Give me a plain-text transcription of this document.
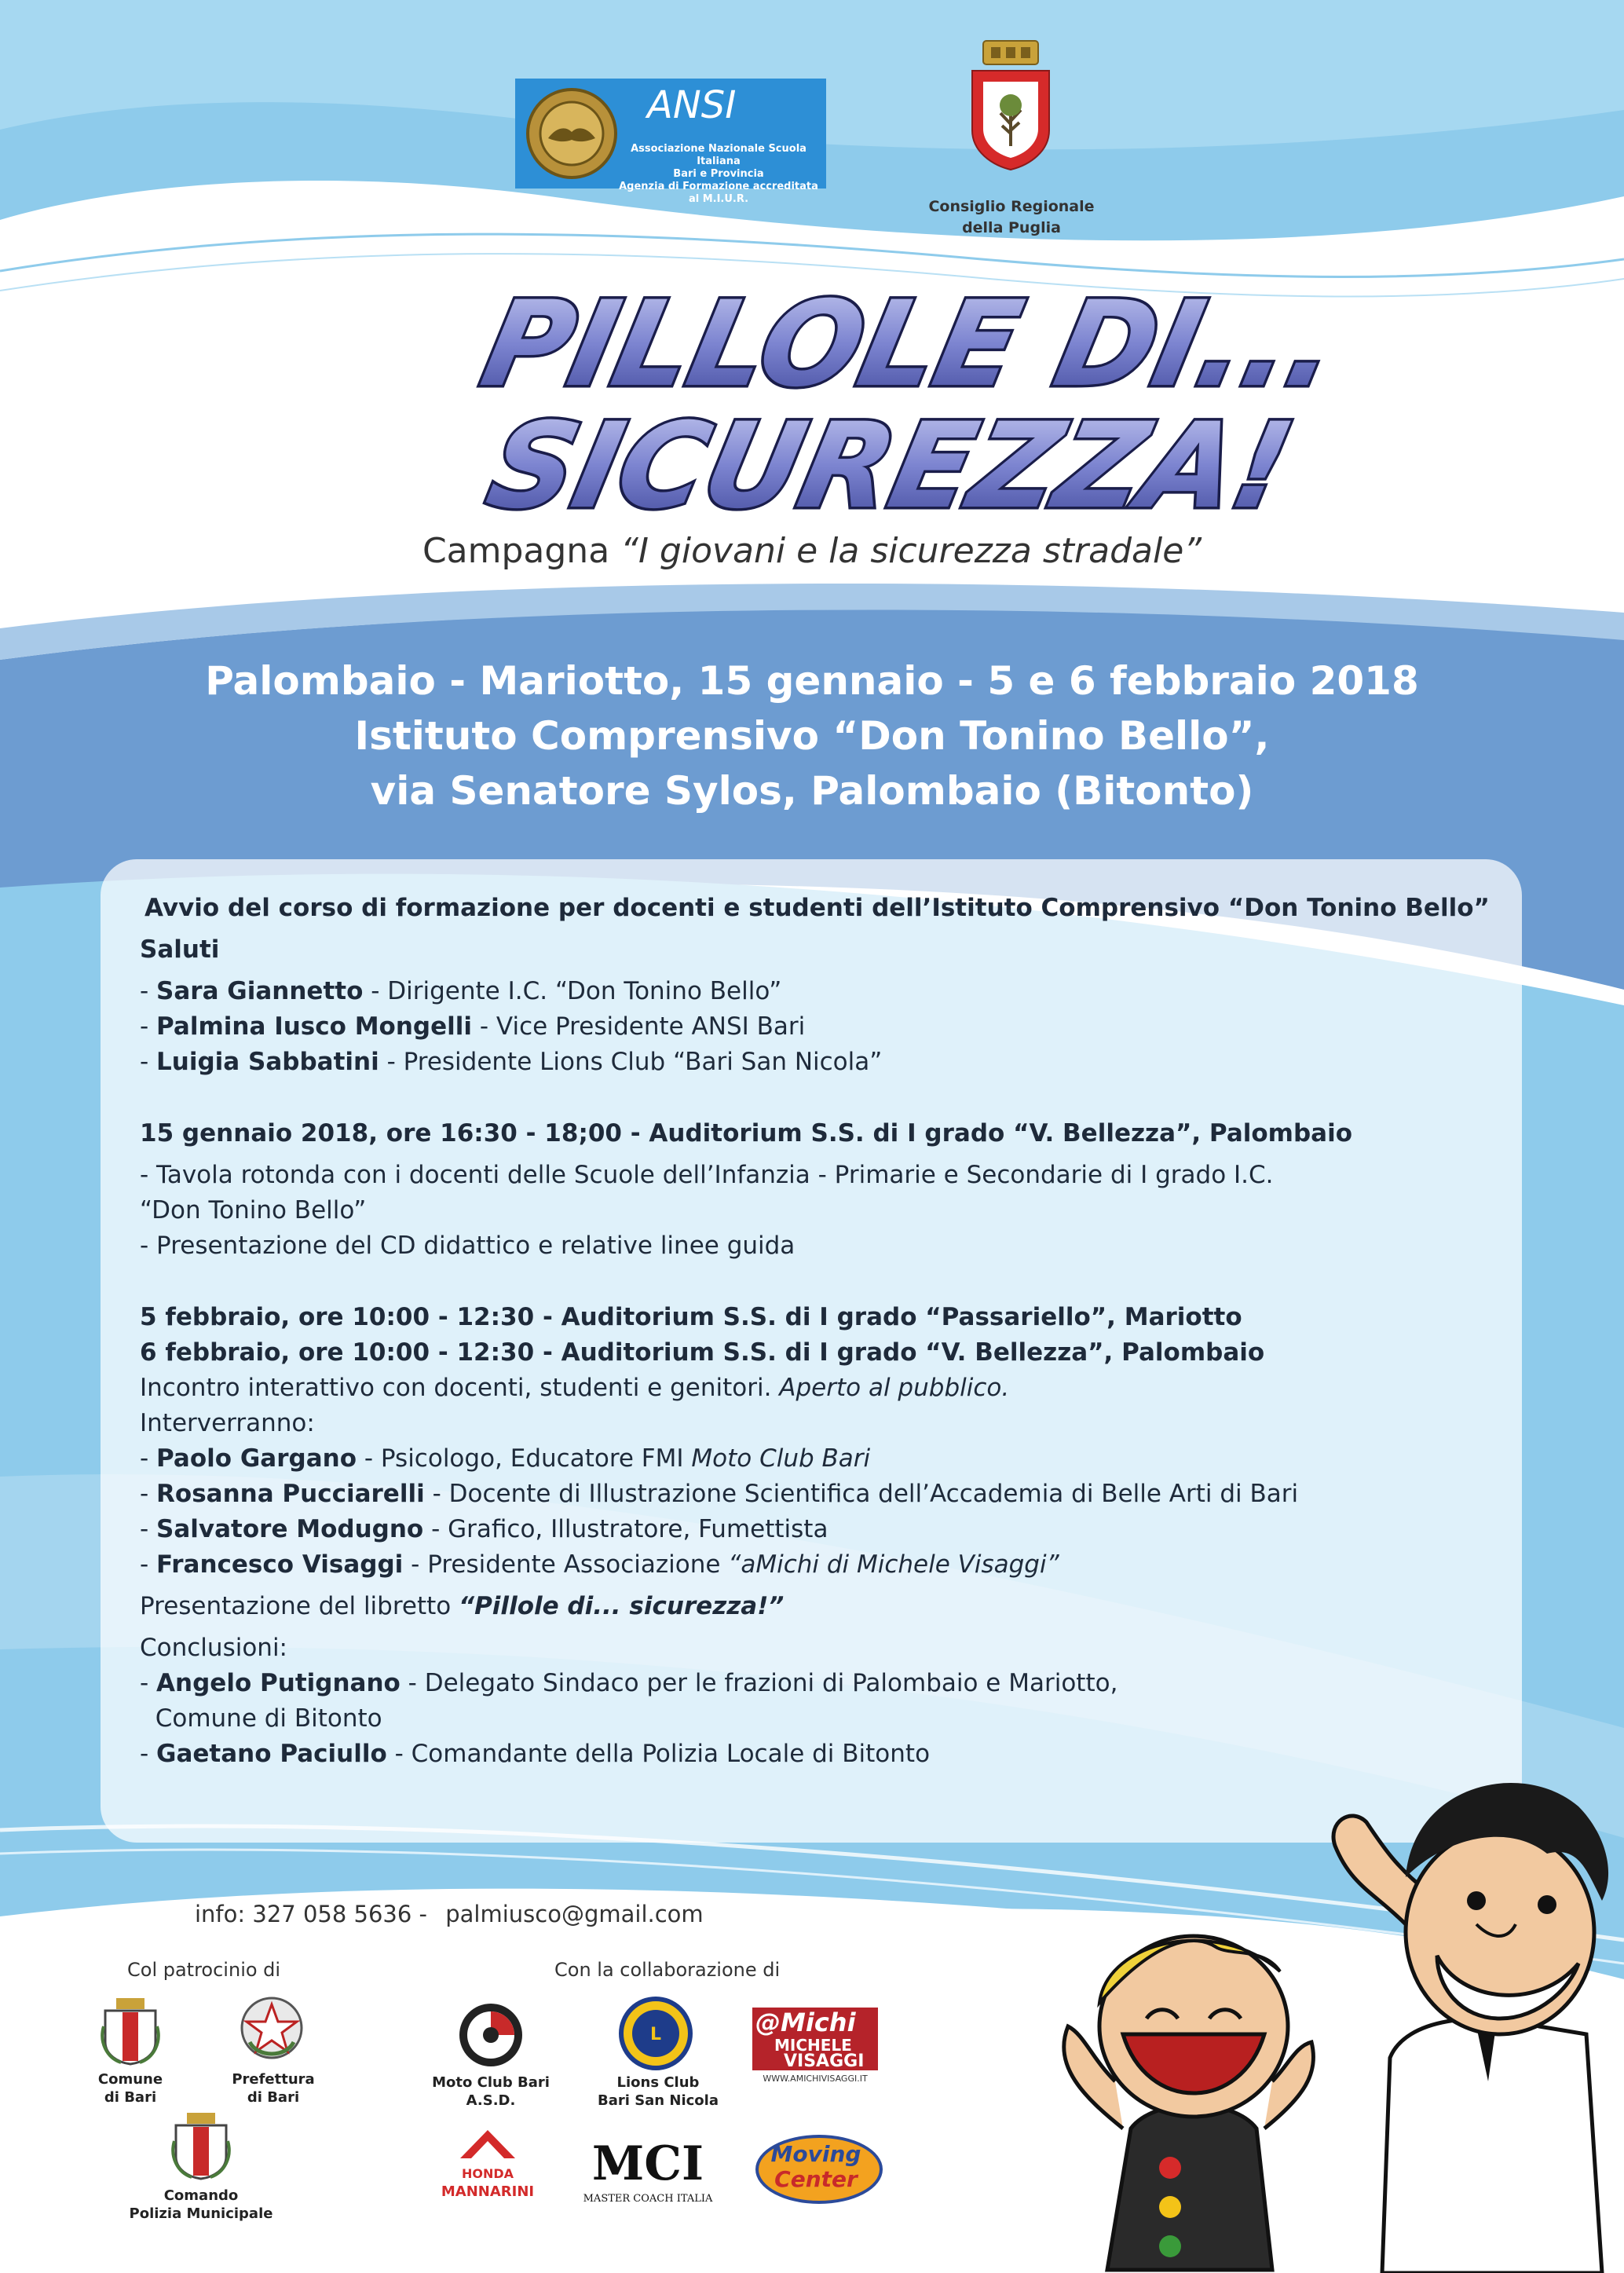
ANSI
Associazione Nazionale Scuola Italiana
Bari e Provincia
Agenzia di Formazione accreditata al M.I.U.R.	Consiglio Regionale
della Puglia
PILLOLE DI...
SICUREZZA!
Campagna “I giovani e la sicurezza stradale”
Palombaio - Mariotto, 15 gennaio - 5 e 6 febbraio 2018
Istituto Comprensivo “Don Tonino Bello”,
via Senatore Sylos, Palombaio (Bitonto)
Avvio del corso di formazione per docenti e studenti dell’Istituto Comprensivo “Don Tonino Bello”
Saluti
- Sara Giannetto - Dirigente I.C. “Don Tonino Bello”
- Palmina Iusco Mongelli - Vice Presidente ANSI Bari
- Luigia Sabbatini - Presidente Lions Club “Bari San Nicola”
15 gennaio 2018, ore 16:30 - 18;00 - Auditorium S.S. di I grado “V. Bellezza”, Palombaio
- Tavola rotonda con i docenti delle Scuole dell’Infanzia - Primarie e Secondarie di I grado I.C.
“Don Tonino Bello”
- Presentazione del CD didattico e relative linee guida
5 febbraio, ore 10:00 - 12:30 - Auditorium S.S. di I grado “Passariello”, Mariotto
6 febbraio, ore 10:00 - 12:30 - Auditorium S.S. di I grado “V. Bellezza”, Palombaio
Incontro interattivo con docenti, studenti e genitori. Aperto al pubblico.
Interverranno:
- Paolo Gargano - Psicologo, Educatore FMI Moto Club Bari
- Rosanna Pucciarelli - Docente di Illustrazione Scientifica dell’Accademia di Belle Arti di Bari
- Salvatore Modugno - Grafico, Illustratore, Fumettista
- Francesco Visaggi - Presidente Associazione “aMichi di Michele Visaggi”
Presentazione del libretto “Pillole di... sicurezza!”
Conclusioni:
- Angelo Putignano - Delegato Sindaco per le frazioni di Palombaio e Mariotto,
Comune di Bitonto
- Gaetano Paciullo - Comandante della Polizia Locale di Bitonto
info: 327 058 5636 - palmiusco@gmail.com
Col patrocinio di	Con la collaborazione di
Comune
di Bari
Prefettura
di Bari
Comando
Polizia Municipale
Moto Club Bari A.S.D.
L
Lions Club
Bari San Nicola
@Michi
MICHELE
VISAGGI
WWW.AMICHIVISAGGI.IT
HONDA
MANNARINI
MCI
MASTER COACH ITALIA
Moving
Center
